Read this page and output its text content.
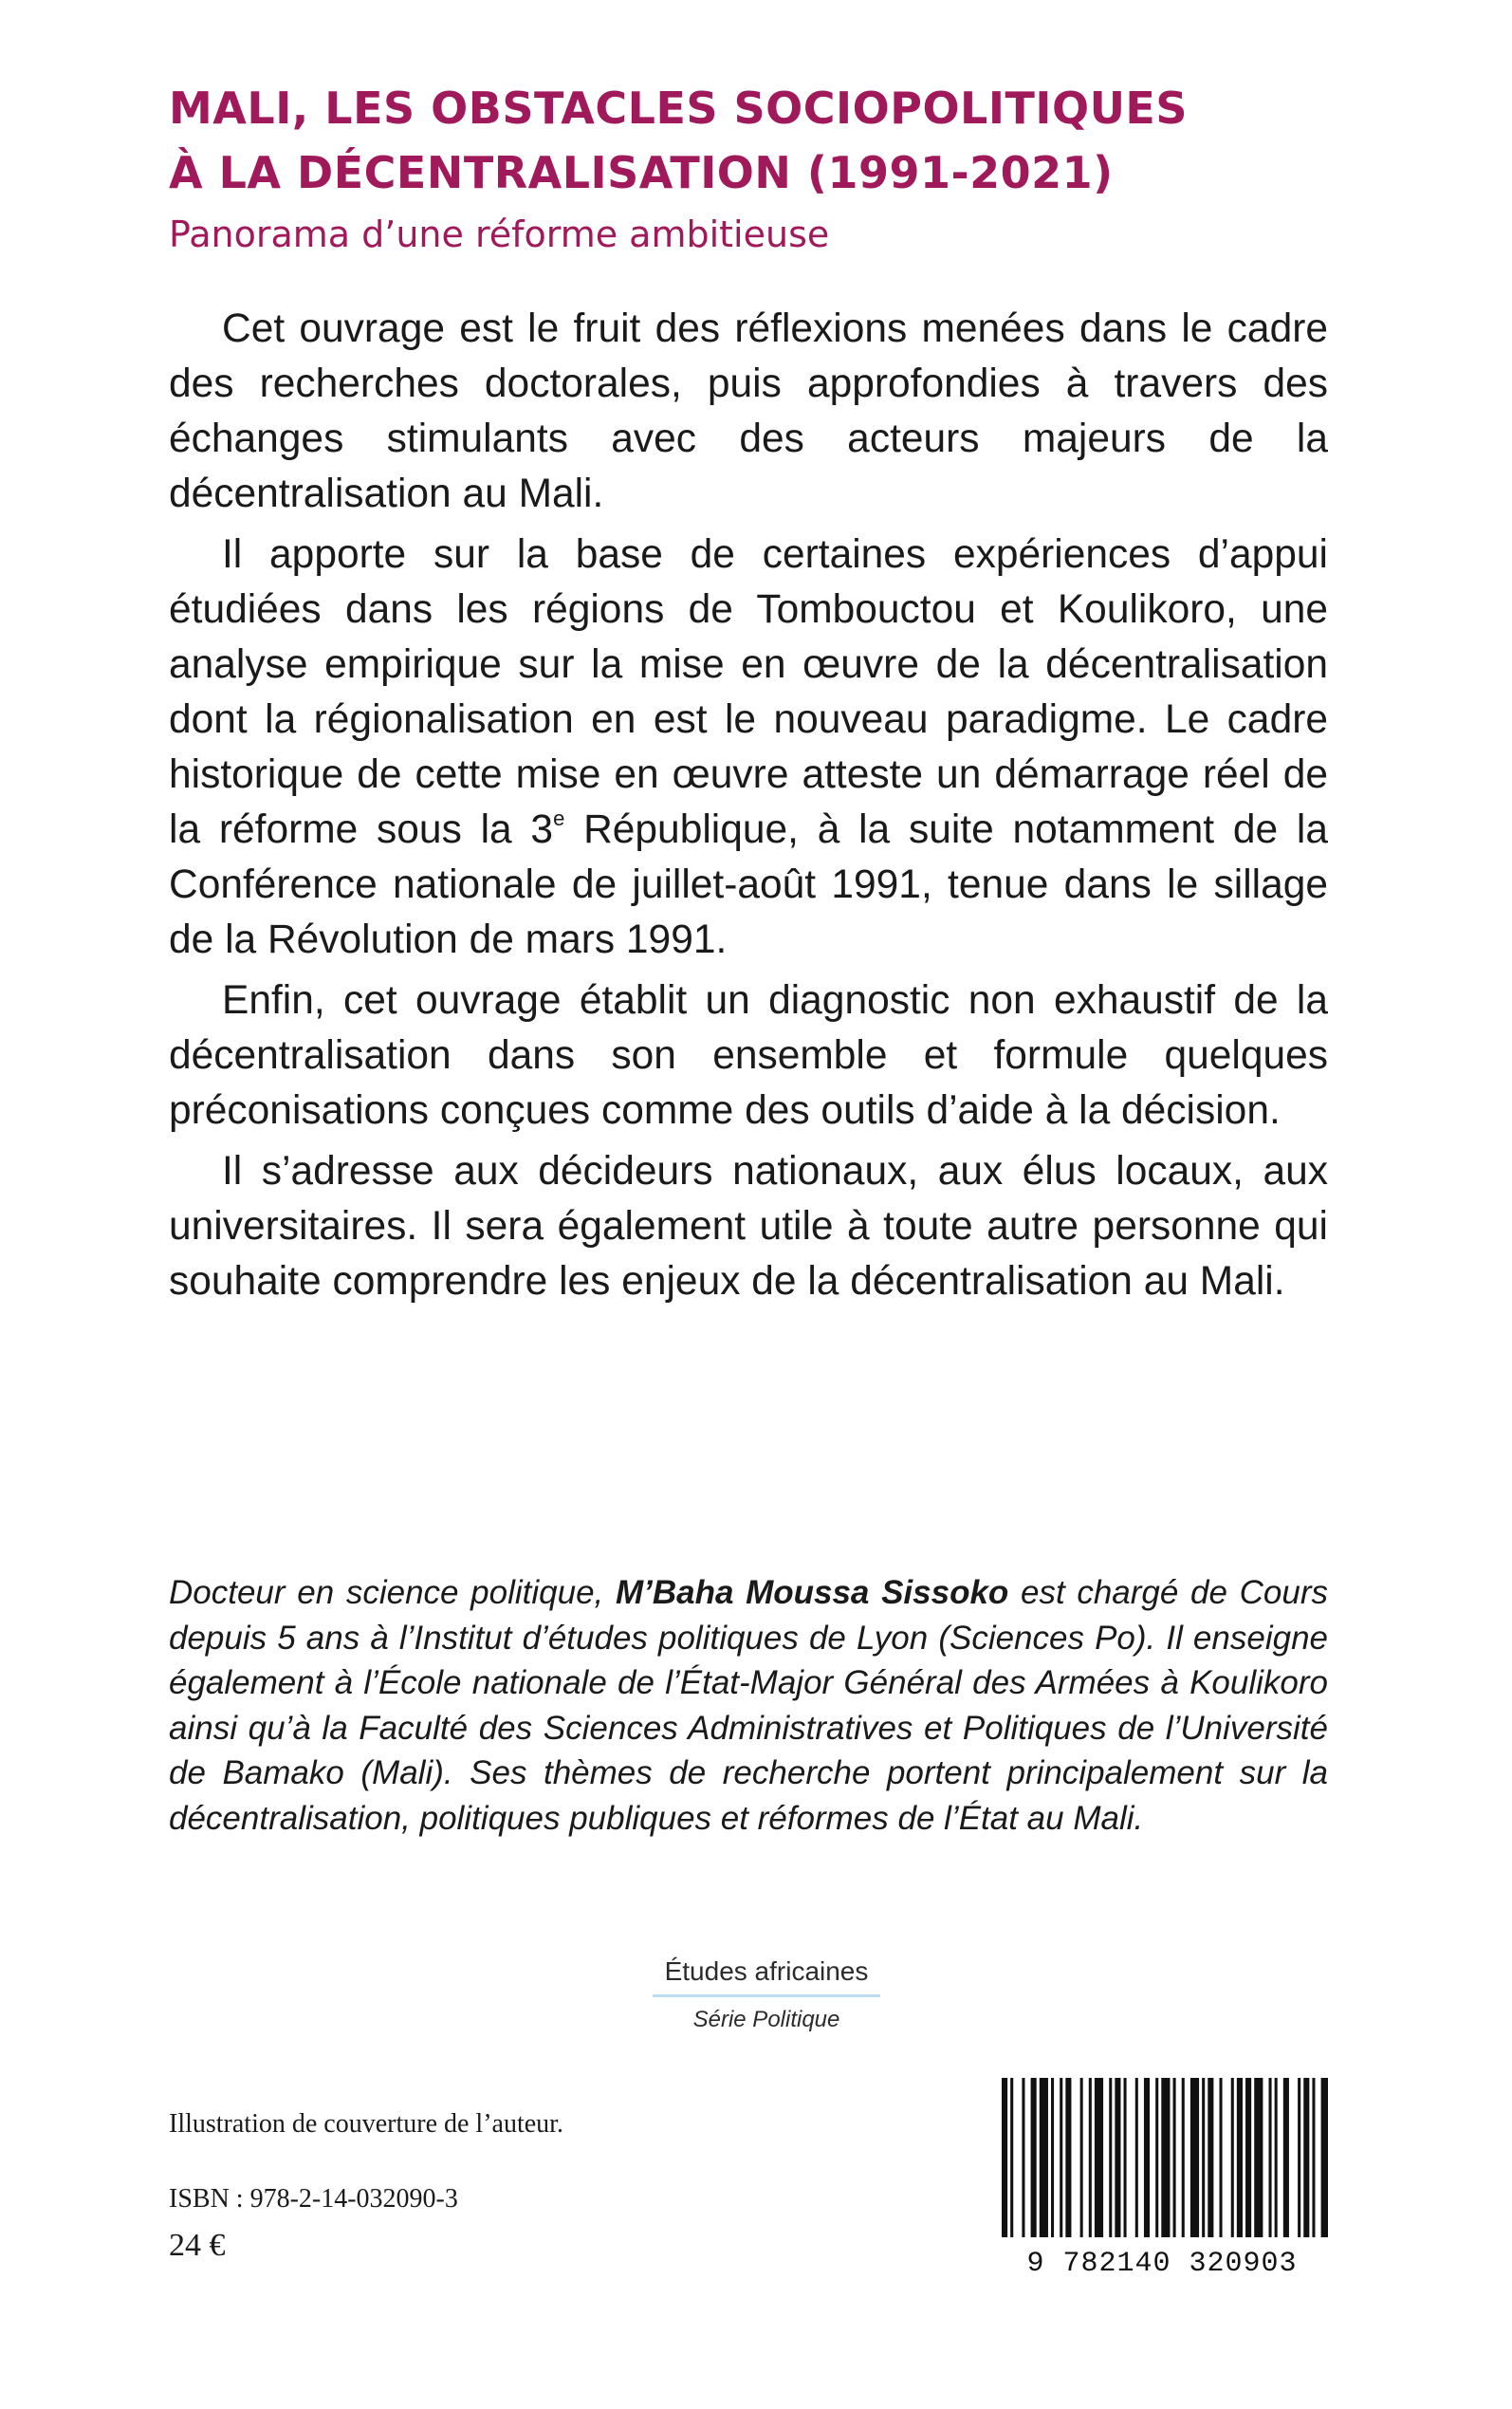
MALI, LES OBSTACLES SOCIOPOLITIQUES
À LA DÉCENTRALISATION (1991-2021)
Panorama d’une réforme ambitieuse

Cet ouvrage est le fruit des réflexions menées dans le cadre des recherches doctorales, puis approfondies à travers des échanges stimulants avec des acteurs majeurs de la décentralisation au Mali.

Il apporte sur la base de certaines expériences d’appui étudiées dans les régions de Tombouctou et Koulikoro, une analyse empirique sur la mise en œuvre de la décentralisation dont la régionalisation en est le nouveau paradigme. Le cadre historique de cette mise en œuvre atteste un démarrage réel de la réforme sous la 3e République, à la suite notamment de la Conférence nationale de juillet-août 1991, tenue dans le sillage de la Révolution de mars 1991.

Enfin, cet ouvrage établit un diagnostic non exhaustif de la décentralisation dans son ensemble et formule quelques préconisations conçues comme des outils d’aide à la décision.

Il s’adresse aux décideurs nationaux, aux élus locaux, aux universitaires. Il sera également utile à toute autre personne qui souhaite comprendre les enjeux de la décentralisation au Mali.

Docteur en science politique, M’Baha Moussa Sissoko est chargé de Cours depuis 5 ans à l’Institut d’études politiques de Lyon (Sciences Po). Il enseigne également à l’École nationale de l’État-Major Général des Armées à Koulikoro ainsi qu’à la Faculté des Sciences Administratives et Politiques de l’Université de Bamako (Mali). Ses thèmes de recherche portent principalement sur la décentralisation, politiques publiques et réformes de l’État au Mali.
Études africaines
Série Politique
Illustration de couverture de l’auteur.
ISBN : 978-2-14-032090-3
24 €
9 782140 320903
